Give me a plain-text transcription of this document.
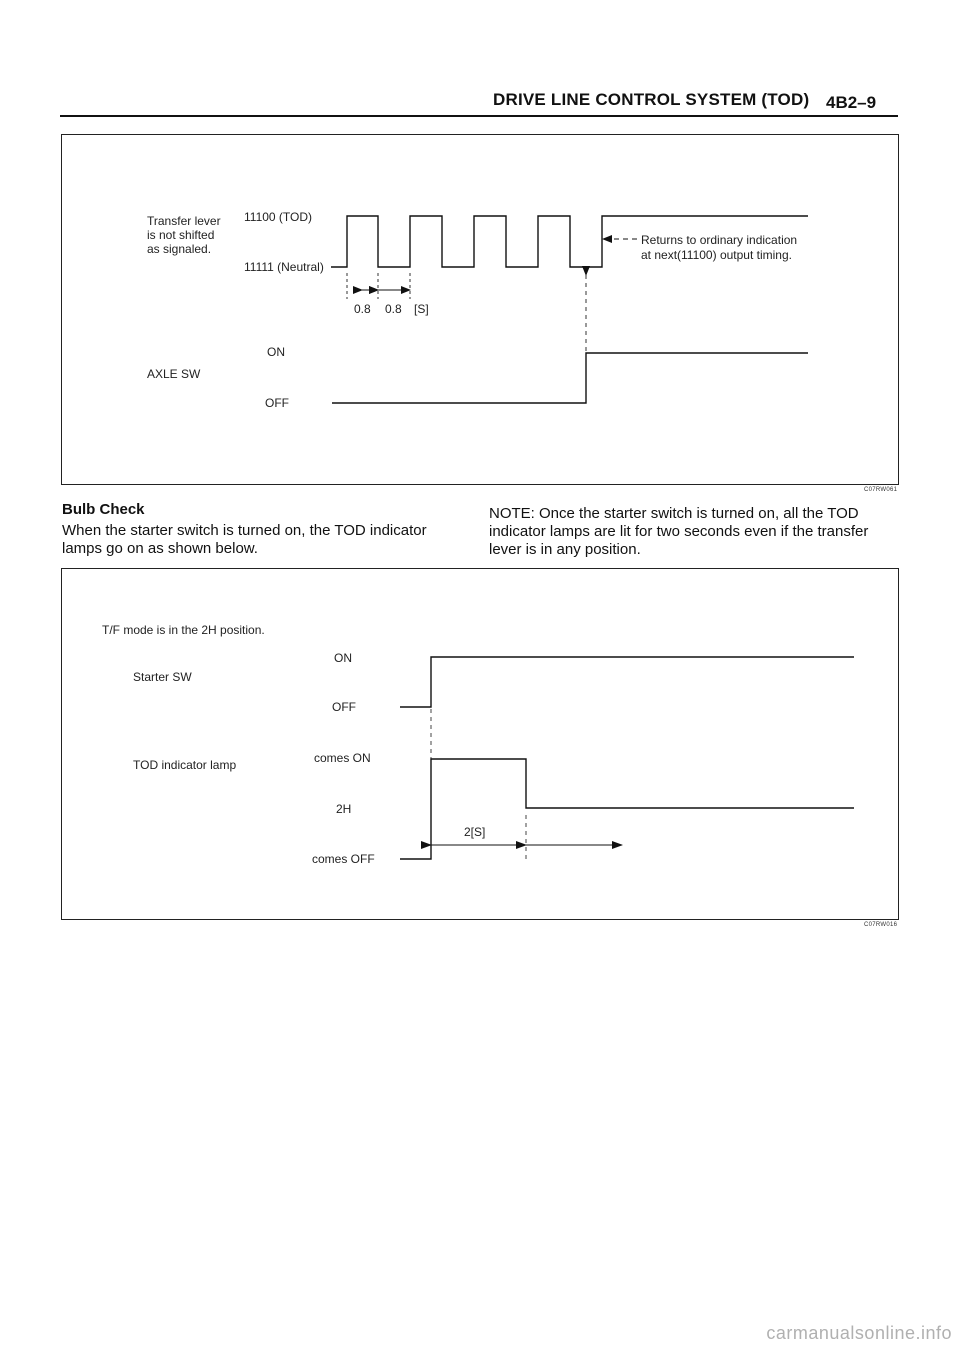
DRIVE LINE CONTROL SYSTEM (TOD) 4B2–9
Transfer lever
is not shifted
as signaled.
11100 (TOD)
11111 (Neutral)
0.8 0.8 [S]
Returns to ordinary indication
at next(11100) output timing.
ON
AXLE SW
OFF
C07RW061
Bulb Check

When the starter switch is turned on, the TOD indicator lamps go on as shown below.

NOTE: Once the starter switch is turned on, all the TOD indicator lamps are lit for two seconds even if the transfer lever is in any position.

T/F mode is in the 2H position.
ON
Starter SW
OFF
comes ON
TOD indicator lamp
2H
comes OFF
2[S]
C07RW016
carmanualsonline.info
